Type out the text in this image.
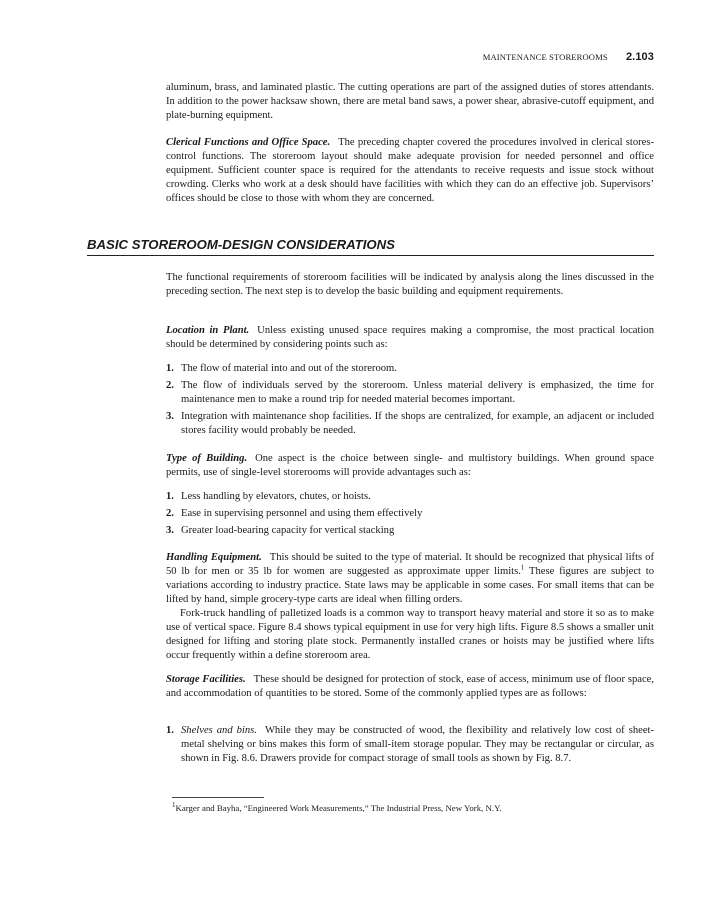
MAINTENANCE STOREROOMS 2.103

aluminum, brass, and laminated plastic. The cutting operations are part of the assigned duties of stores attendants. In addition to the power hacksaw shown, there are metal band saws, a power shear, abrasive-cutoff equipment, and plate-burning equipment.

Clerical Functions and Office Space. The preceding chapter covered the procedures involved in clerical stores-control functions. The storeroom layout should make adequate provision for needed personnel and office equipment. Sufficient counter space is required for the attendants to receive requests and issue stock without crowding. Clerks who work at a desk should have facilities with which they can do an effective job. Supervisors’ offices should be close to those with whom they are concerned.

BASIC STOREROOM-DESIGN CONSIDERATIONS

The functional requirements of storeroom facilities will be indicated by analysis along the lines discussed in the preceding section. The next step is to develop the basic building and equipment requirements.

Location in Plant. Unless existing unused space requires making a compromise, the most practical location should be determined by considering points such as:

1. The flow of material into and out of the storeroom.
2. The flow of individuals served by the storeroom. Unless material delivery is emphasized, the time for maintenance men to make a round trip for needed material becomes important.
3. Integration with maintenance shop facilities. If the shops are centralized, for example, an adjacent or included stores facility would probably be needed.

Type of Building. One aspect is the choice between single- and multistory buildings. When ground space permits, use of single-level storerooms will provide advantages such as:

1. Less handling by elevators, chutes, or hoists.
2. Ease in supervising personnel and using them effectively
3. Greater load-bearing capacity for vertical stacking

Handling Equipment. This should be suited to the type of material. It should be recognized that physical lifts of 50 lb for men or 35 lb for women are suggested as approximate upper limits.$^1$ These figures are subject to variations according to industry practice. State laws may be applicable in some cases. For small items that can be lifted by hand, simple grocery-type carts are ideal when filling orders.

Fork-truck handling of palletized loads is a common way to transport heavy material and store it so as to make use of vertical space. Figure 8.4 shows typical equipment in use for very high lifts. Figure 8.5 shows a smaller unit designed for lifting and storing plate stock. Permanently installed cranes or hoists may be justified where lifts occur frequently within a define storeroom area.

Storage Facilities. These should be designed for protection of stock, ease of access, minimum use of floor space, and accommodation of quantities to be stored. Some of the commonly applied types are as follows:

1. Shelves and bins. While they may be constructed of wood, the flexibility and relatively low cost of sheet-metal shelving or bins makes this form of small-item storage popular. They may be rectangular or circular, as shown in Fig. 8.6. Drawers provide for compact storage of small tools as shown by Fig. 8.7.
$^1$Karger and Bayha, “Engineered Work Measurements,” The Industrial Press, New York, N.Y.
